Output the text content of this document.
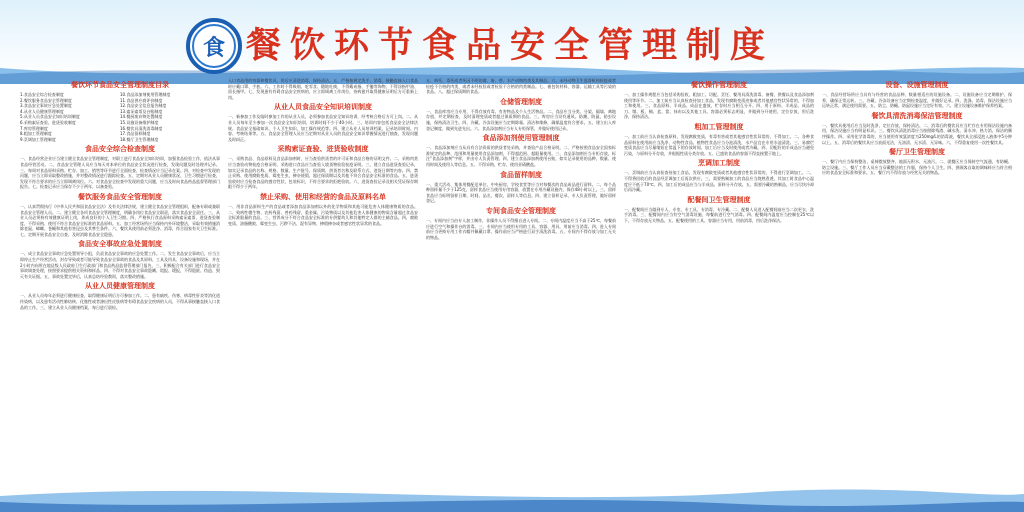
食 餐饮环节食品安全管理制度
餐饮环节食品安全管理制度目录
1.食品安全综合检查制度	10.食品添加剂使用管理制度
2.餐饮服务食品安全管理制度	11.食品供应商评价制度
3.食品安全事故应急处置制度	12.食品安全信息报告制度
4.从业人员健康管理制度	13.索证索票及台账制度
5.从业人员食品安全知识培训制度	14.餐厨废弃物处置制度
6.采购索证查验、进货验收制度	15.设施设备维护制度
7.库房管理制度	16.餐饮具清洗消毒制度
8.粗加工管理制度	17.食品留样制度
9.烹调加工管理制度	18.餐厅卫生管理制度
食品安全综合检查制度

一、食品经营企业应当建立健全食品安全管理制度，对职工进行食品安全知识培训，加强食品检验工作，依法从事食品经营活动。二、食品安全管理人员应当每天对本单位的食品安全状况进行检查，发现问题及时处理并记录。三、每周对食品原料采购、贮存、加工、销售等环节进行全面检查，检查情况应当记录在案。四、对检查中发现的问题，应当立即采取整改措施，并对整改情况进行跟踪检查。五、定期对从业人员健康状况、卫生习惯进行检查，发现不符合要求的应当立即调离岗位。六、对食品安全检查中发现的重大问题，应当及时向食品药品监督管理部门报告。七、检查记录应当保存不少于两年，以备查验。

餐饮服务食品安全管理制度

一、认真贯彻执行《中华人民共和国食品安全法》及有关法律法规，建立健全食品安全管理组织，配备专职或兼职食品安全管理人员。二、建立健全各项食品安全管理制度，明确各岗位食品安全职责，落实食品安全责任。三、从业人员必须持有效健康证明上岗，养成良好的个人卫生习惯。四、严格执行食品原料采购索证索票、进货查验制度，不得采购、使用不符合食品安全标准的食品原料。五、加工经营场所应当保持内外环境整洁，采取有效措施消除老鼠、蟑螂、苍蝇和其他有害昆虫及其孳生条件。六、餐饮具使用前必须洗净、消毒，符合国家有关卫生标准。七、定期开展食品安全自查，及时消除食品安全隐患。

食品安全事故应急处置制度

一、成立食品安全事故应急处置领导小组，负责食品安全事故的应急处置工作。二、发生食品安全事故后，应当立即停止生产经营活动，封存导致或者可能导致食品安全事故的食品及其原料、工具及用具、设备设施和现场，并在2小时内向所在地县级人民政府卫生行政部门和食品药品监督管理部门报告。三、积极配合有关部门进行食品安全事故调查处理，按照要求提供相关资料和样品。四、不得对食品安全事故隐瞒、谎报、缓报，不得隐匿、伪造、毁灭有关证据。五、事故处置完毕后，认真总结经验教训，落实整改措施。

从业人员健康管理制度

一、从业人员每年必须进行健康检查，取得健康证明后方可参加工作。二、患有痢疾、伤寒、病毒性肝炎等消化道传染病，以及患有活动性肺结核、化脓性或者渗出性皮肤病等有碍食品安全疾病的人员，不得从事接触直接入口食品的工作。三、建立从业人员健康档案，每日进行晨检。

入口食品用的容器和餐饮具，用后应清洗消毒，保持清洁。五、严格按规定洗手、消毒，接触直接入口食品时应戴口罩、手套。六、工作时不得吸烟、吃零食、随地吐痰，不得戴戒指、手镯等饰物，不得涂指甲油、留长指甲。七、发现患有有碍食品安全疾病的，应立即调离工作岗位，待病愈并取得健康证明后方可重新上岗。

从业人员食品安全知识培训制度

一、新参加工作及临时参加工作的从业人员，必须参加食品安全知识培训，经考核合格后方可上岗。二、从业人员每年至少参加一次食品安全知识培训，培训时间不少于40小时。三、培训内容包括食品安全法律法规、食品安全基础知识、个人卫生知识、加工操作规范等。四、建立从业人员培训档案，记录培训时间、内容、考核结果等。五、食品安全管理人员应当定期对从业人员的食品安全知识掌握情况进行抽查，发现问题及时纠正。

采购索证查验、进货验收制度

一、采购食品、食品原料及食品添加剂时，应当查验供货者的许可证和食品合格的证明文件。二、采购肉类应当查验动物检疫合格证明，采购进口食品应当查验入境货物检验检疫证明。三、建立食品进货查验记录，如实记录食品的名称、规格、数量、生产批号、保质期、供货者名称及联系方式、进货日期等内容。四、禁止采购、使用腐败变质、霉变生虫、掺杂使假、超过保质期以及其他不符合食品安全标准的食品。五、进货验收时应当检查食品的感官性状、包装标识，不符合要求的拒绝验收。六、进货查验记录及相关凭证保存期限不得少于两年。

禁止采购、使用和经营的食品及原料名单

一、用非食品原料生产的食品或者添加食品添加剂以外的化学物质和其他可能危害人体健康物质的食品。二、致病性微生物、农药残留、兽药残留、重金属、污染物质以及其他危害人体健康的物质含量超过食品安全标准限量的食品。三、营养成分不符合食品安全标准的专供婴幼儿和其他特定人群的主辅食品。四、腐败变质、油脂酸败、霉变生虫、污秽不洁、混有异物、掺假掺杂或者感官性状异常的食品。

五、病死、毒死或者死因不明的禽、畜、兽、水产动物肉类及其制品。六、未经动物卫生监督机构检疫或者检疫不合格的肉类，或者未经检验或者检验不合格的肉类制品。七、被包装材料、容器、运输工具等污染的食品。八、超过保质期的食品。

仓储管理制度

一、食品库房应当专用，不得存放有毒、有害物品及个人生活物品。二、食品应当分类、分架、隔墙、离地存放，并定期检查，及时清理变质或者超过保质期的食品。三、库房应当设有通风、防潮、防鼠、防虫设施，保持清洁卫生。四、冷藏、冷冻设施应当定期除霜、清洁和维修，确保温度符合要求。五、建立出入库登记制度，做到先进先出。六、食品添加剂应当专人专柜保管，并做好使用记录。

食品添加剂使用管理制度

一、食品添加剂应当从具有合法资质的供货者处采购，并查验产品合格证明。二、严格按照食品安全国家标准规定的品种、范围和用量使用食品添加剂，不得超范围、超限量使用。三、食品添加剂应当专柜存放，标注"食品添加剂"字样，并由专人负责管理。四、建立食品添加剂使用台账，如实记录使用的品种、数量、使用时间及使用人等信息。五、不得采购、贮存、使用亚硝酸盐。

食品留样制度

一、重大活动、集体用餐配送单位、中央厨房、学校食堂等应当对每餐次的食品成品进行留样。二、每个品种留样量不少于125克，留样食品应当使用专用容器，放置在专用冷藏设施内，保存48小时以上。三、留样食品应当标明留样日期、时间、品名、餐次、留样人等信息。四、建立留样记录，专人负责管理，做好留样登记。

专间食品安全管理制度

一、专间内应当由专人加工制作，非操作人员不得擅自进入专间。二、专间内温度应当不高于25℃，每餐前应进行空气和操作台的消毒。三、专间内应当使用专用的工具、容器、用具，用前应当消毒。四、进入专间前应当更换专用工作衣帽并佩戴口罩，操作前应当严格进行双手清洗消毒。五、专间内不得存放与加工无关的物品。

餐饮操作管理制度

一、加工操作规程应当包括采购验收、粗加工、切配、烹饪、餐用具清洗消毒、备餐、供餐以及食品添加剂使用等环节。二、加工前应当认真检查待加工食品，发现有腐败变质迹象或者其他感官性状异常的，不得加工和使用。三、食品原料、半成品、成品在盛放、贮存时应当相互分开。四、用于原料、半成品、成品的刀、墩、板、桶、盆、筐、抹布以及其他工具、容器必须标志明显，并做到分开使用，定位存放，用后洗净，保持清洁。

粗加工管理制度

一、加工前应当认真检查原料，发现腐败变质、有毒有害或者其他感官性状异常的，不得加工。二、各种食品原料在使用前应当洗净，动物性食品、植物性食品应当分池清洗，水产品宜在专用水池清洗。三、易腐烂变质食品应当尽量缩短在常温下的存放时间，加工后应当及时使用或者冷藏。四、切配好的半成品应当避免污染，与原料分开存放，并根据性质分类存放。五、已盛装食品的容器不得直接置于地上。

烹调加工制度

一、烹调前应当认真检查待加工食品，发现有腐败变质或者其他感官性状异常的，不得进行烹调加工。二、不得将回收后的食品经烹调加工后再次供应。三、需要熟制加工的食品应当烧熟煮透，其加工时食品中心温度应不低于70℃。四、加工后的成品应当与半成品、原料分开存放。五、需要冷藏的熟制品，应当尽快冷却后再冷藏。

配餐间卫生管理制度

一、配餐间应当做到专人、专室、专工具、专消毒、专冷藏。二、配餐人员进入配餐间前应当二次更衣，洗手消毒。三、配餐间内应当有空气消毒设施，每餐前进行空气消毒。四、配餐间内温度应当控制在25℃以下，不得存放无关物品。五、配餐使用的工具、容器应当专用，用前消毒，用后洗净保洁。

设备、设施管理制度

一、食品经营场所应当具有与经营的食品品种、数量相适应的设施设备。二、设施设备应当定期维护、保养，确保正常运转。三、冷藏、冷冻设备应当定期检查温度，并做好记录。四、洗涤、消毒、保洁设施应当运转正常，满足使用需要。五、防尘、防蝇、防鼠设施应当完好有效。六、建立设施设备维护保养档案。

餐饮具清洗消毒保洁管理制度

一、餐饮具使用后应当及时洗净，定位存放，保持清洁。二、消毒后的餐饮具应当贮存在专用保洁设施内备用，保洁设施应当有明显标识。三、餐饮具清洗消毒应当按照除残渣、碱水洗、清水冲、热力消、保洁的顺序操作。四、采用化学消毒的，应当使用有效氯浓度为250mg/L的消毒液，餐饮具全部浸泡入液体中5分钟以上。五、消毒后的餐饮具应当表面光洁，无油渍、无水渍、无异味。六、不得重复使用一次性餐饮具。

餐厅卫生管理制度

一、餐厅内应当保持整洁，桌椅摆放整齐，地面无积水、无油污。二、就餐区应当保持空气流通，有防蝇、防尘设施。三、餐厅工作人员应当穿戴整洁的工作服，保持个人卫生。四、供顾客自取的调味料应当符合相应的食品安全标准和要求。五、餐厅内不得存放与经营无关的物品。
